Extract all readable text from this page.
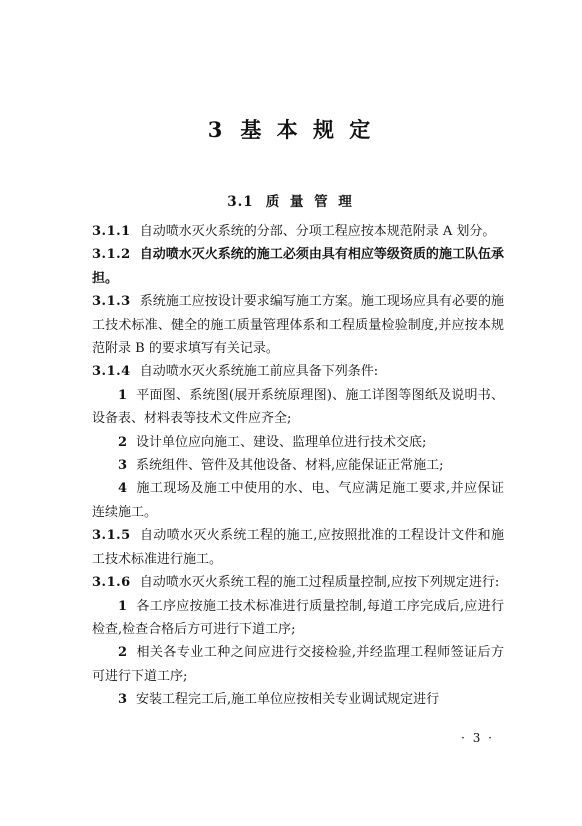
3 基 本 规 定
3.1 质 量 管 理

3.1.1 自动喷水灭火系统的分部、分项工程应按本规范附录 A 划分。

3.1.2 自动喷水灭火系统的施工必须由具有相应等级资质的施工队伍承担。

3.1.3 系统施工应按设计要求编写施工方案。施工现场应具有必要的施工技术标准、健全的施工质量管理体系和工程质量检验制度,并应按本规范附录 B 的要求填写有关记录。

3.1.4 自动喷水灭火系统施工前应具备下列条件:

1 平面图、系统图(展开系统原理图)、施工详图等图纸及说明书、设备表、材料表等技术文件应齐全;

2 设计单位应向施工、建设、监理单位进行技术交底;

3 系统组件、管件及其他设备、材料,应能保证正常施工;

4 施工现场及施工中使用的水、电、气应满足施工要求,并应保证连续施工。

3.1.5 自动喷水灭火系统工程的施工,应按照批准的工程设计文件和施工技术标准进行施工。

3.1.6 自动喷水灭火系统工程的施工过程质量控制,应按下列规定进行:

1 各工序应按施工技术标准进行质量控制,每道工序完成后,应进行检查,检查合格后方可进行下道工序;

2 相关各专业工种之间应进行交接检验,并经监理工程师签证后方可进行下道工序;

3 安装工程完工后,施工单位应按相关专业调试规定进行

· 3 ·
